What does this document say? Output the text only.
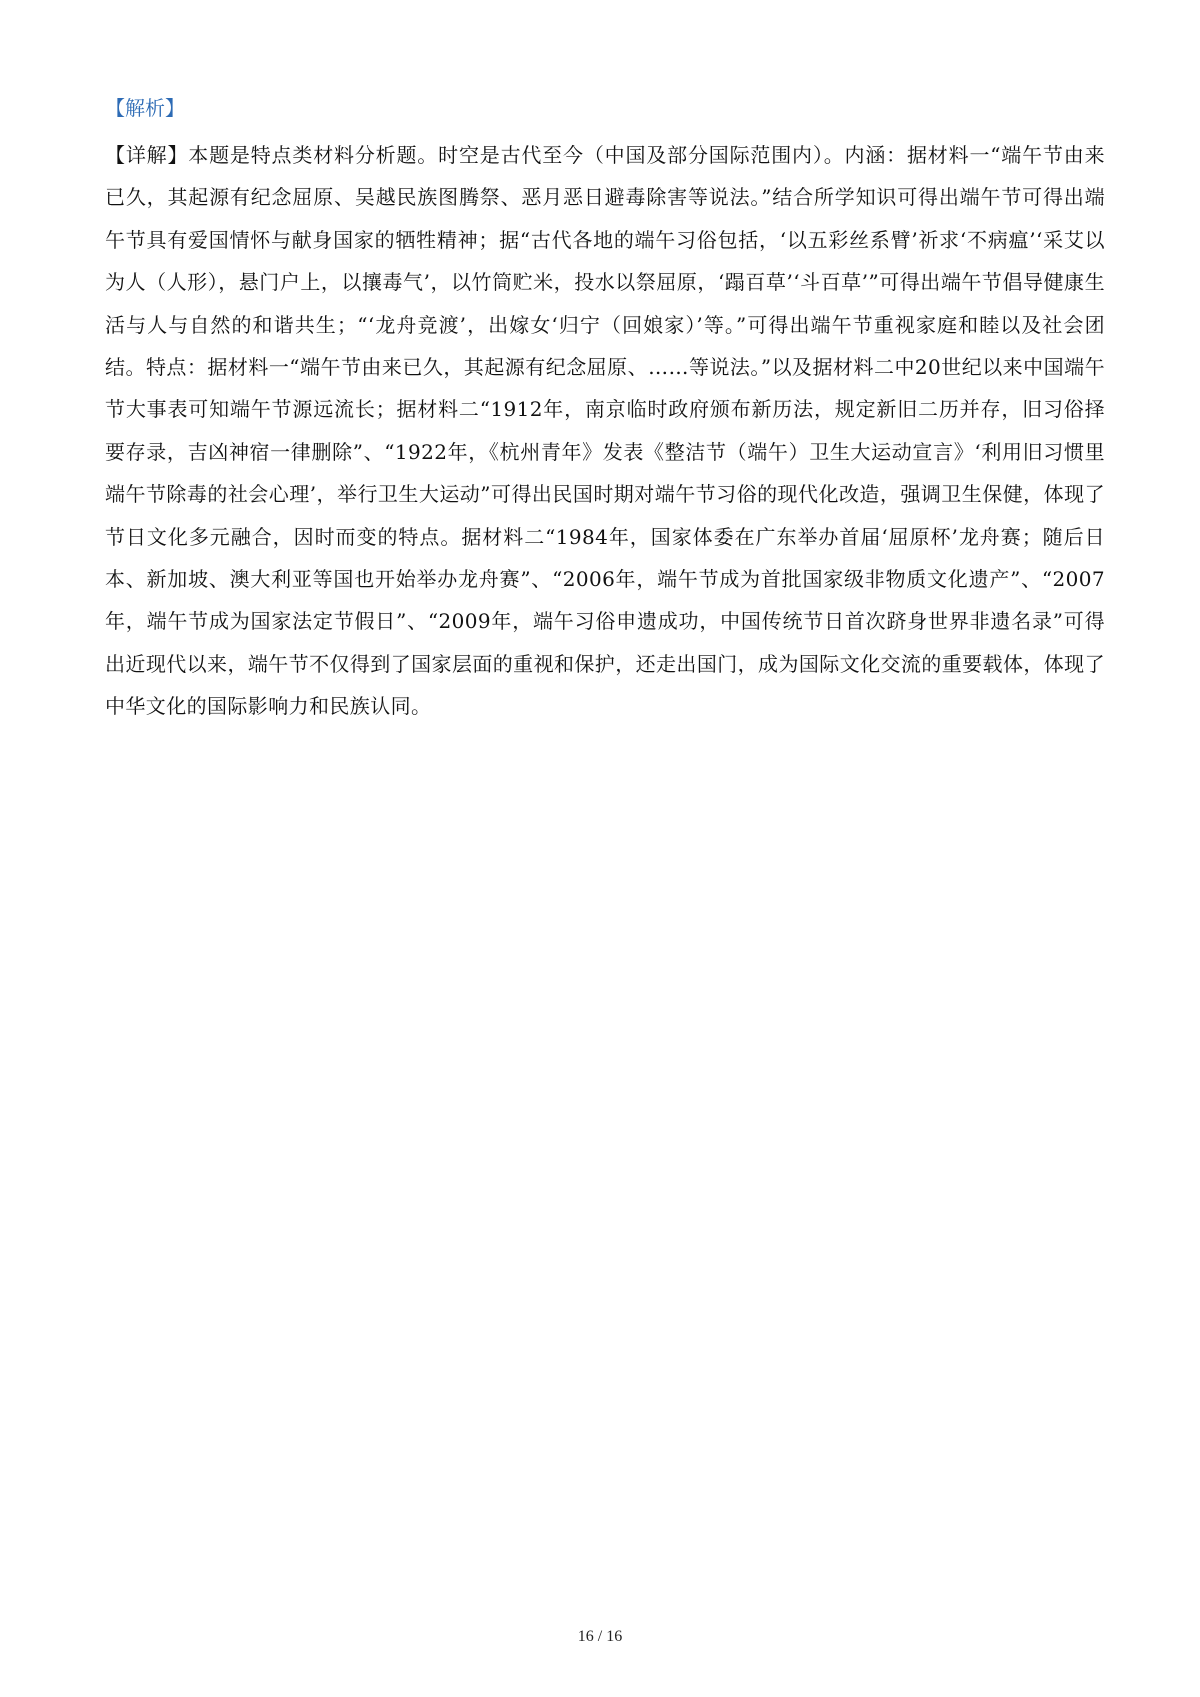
【解析】

【详解】本题是特点类材料分析题。时空是古代至今（中国及部分国际范围内）。内涵：据材料一“端午节由来已久，其起源有纪念屈原、吴越民族图腾祭、恶月恶日避毒除害等说法。”结合所学知识可得出端午节可得出端午节具有爱国情怀与献身国家的牺牲精神；据“古代各地的端午习俗包括，‘以五彩丝系臂’祈求‘不病瘟’‘采艾以为人（人形），悬门户上，以攘毒气’，以竹筒贮米，投水以祭屈原，‘蹋百草’‘斗百草’”可得出端午节倡导健康生活与人与自然的和谐共生；“‘龙舟竞渡’，出嫁女‘归宁（回娘家）’等。”可得出端午节重视家庭和睦以及社会团结。特点：据材料一“端午节由来已久，其起源有纪念屈原、……等说法。”以及据材料二中20世纪以来中国端午节大事表可知端午节源远流长；据材料二“1912年，南京临时政府颁布新历法，规定新旧二历并存，旧习俗择要存录，吉凶神宿一律删除”、“1922年，《杭州青年》发表《整洁节（端午）卫生大运动宣言》‘利用旧习惯里端午节除毒的社会心理’，举行卫生大运动”可得出民国时期对端午节习俗的现代化改造，强调卫生保健，体现了节日文化多元融合，因时而变的特点。据材料二“1984年，国家体委在广东举办首届‘屈原杯’龙舟赛；随后日本、新加坡、澳大利亚等国也开始举办龙舟赛”、“2006年，端午节成为首批国家级非物质文化遗产”、“2007年，端午节成为国家法定节假日”、“2009年，端午习俗申遗成功，中国传统节日首次跻身世界非遗名录”可得出近现代以来，端午节不仅得到了国家层面的重视和保护，还走出国门，成为国际文化交流的重要载体，体现了中华文化的国际影响力和民族认同。

16 / 16
